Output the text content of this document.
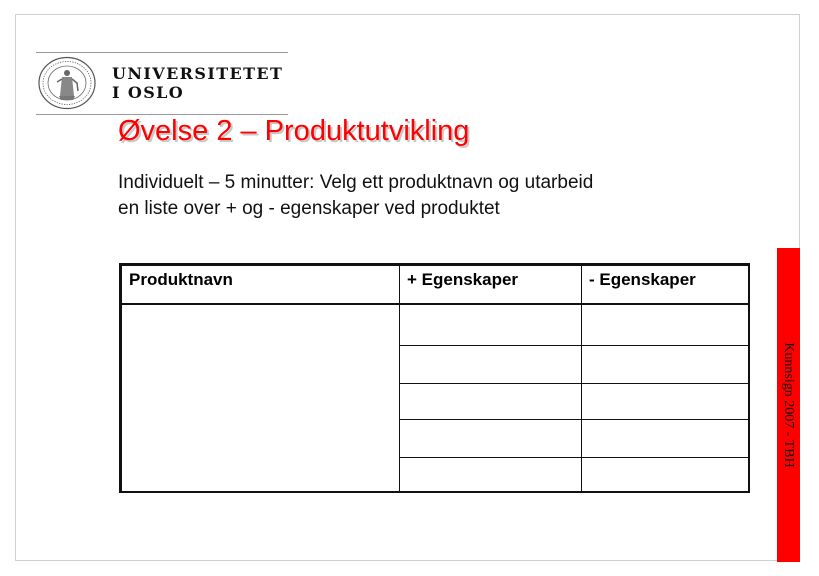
UNIVERSITETET
I OSLO
Øvelse 2 – Produktutvikling
Individuelt – 5 minutter: Velg ett produktnavn og utarbeid
en liste over + og - egenskaper ved produktet
Produktnavn	+ Egenskaper	- Egenskaper

Kunnsign 2007 - TBH
